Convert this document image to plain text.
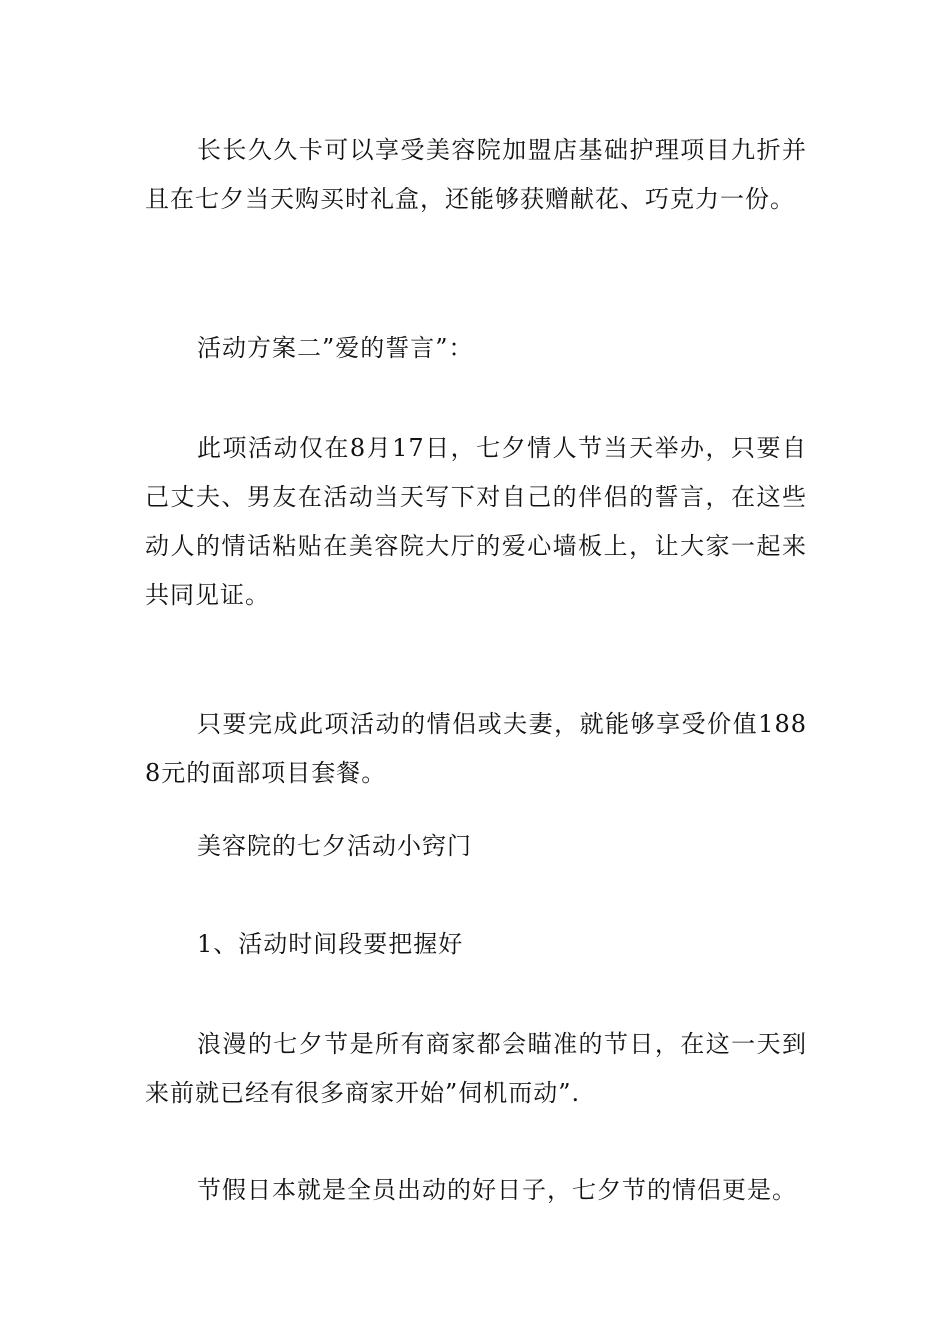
长长久久卡可以享受美容院加盟店基础护理项目九折并且在七夕当天购买时礼盒，还能够获赠献花、巧克力一份。

活动方案二”爱的誓言”：

此项活动仅在8月17日，七夕情人节当天举办，只要自己丈夫、男友在活动当天写下对自己的伴侣的誓言，在这些动人的情话粘贴在美容院大厅的爱心墙板上，让大家一起来共同见证。

只要完成此项活动的情侣或夫妻，就能够享受价值1888元的面部项目套餐。

美容院的七夕活动小窍门

1、活动时间段要把握好

浪漫的七夕节是所有商家都会瞄准的节日，在这一天到来前就已经有很多商家开始”伺机而动”.

节假日本就是全员出动的好日子，七夕节的情侣更是。
